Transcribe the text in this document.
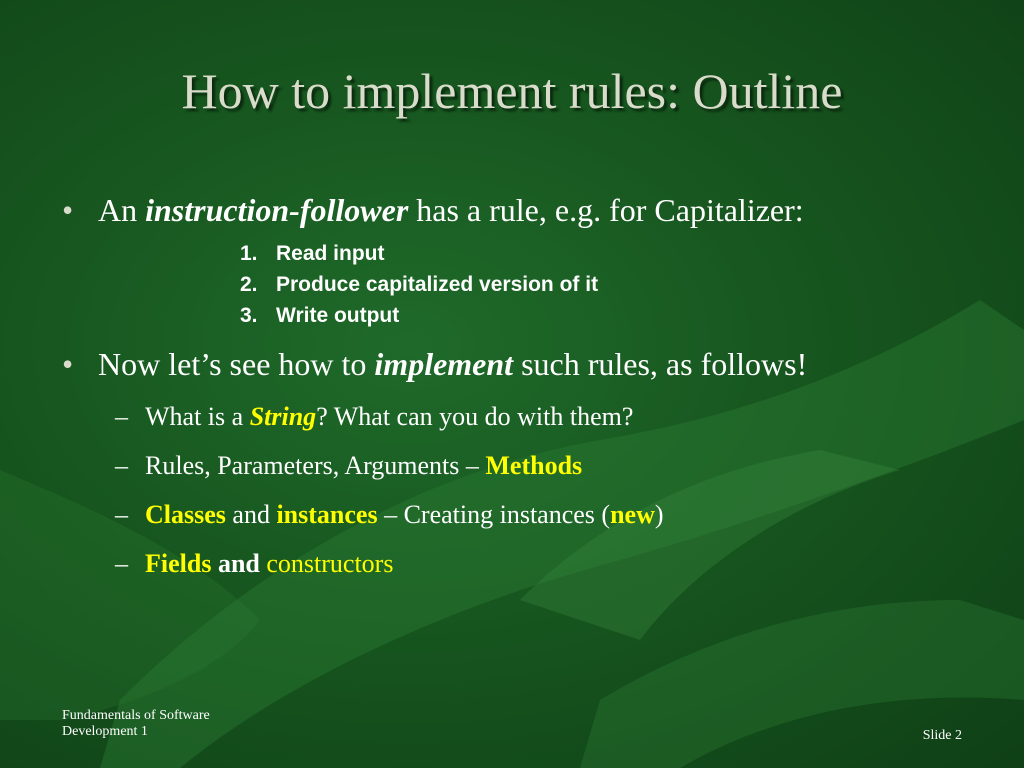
How to implement rules: Outline
• An instruction-follower has a rule, e.g. for Capitalizer:
1. Read input
2. Produce capitalized version of it
3. Write output
• Now let’s see how to implement such rules, as follows!
– What is a String? What can you do with them?
– Rules, Parameters, Arguments – Methods
– Classes and instances – Creating instances (new)
– Fields and constructors
Fundamentals of Software
Development 1	Slide 2
